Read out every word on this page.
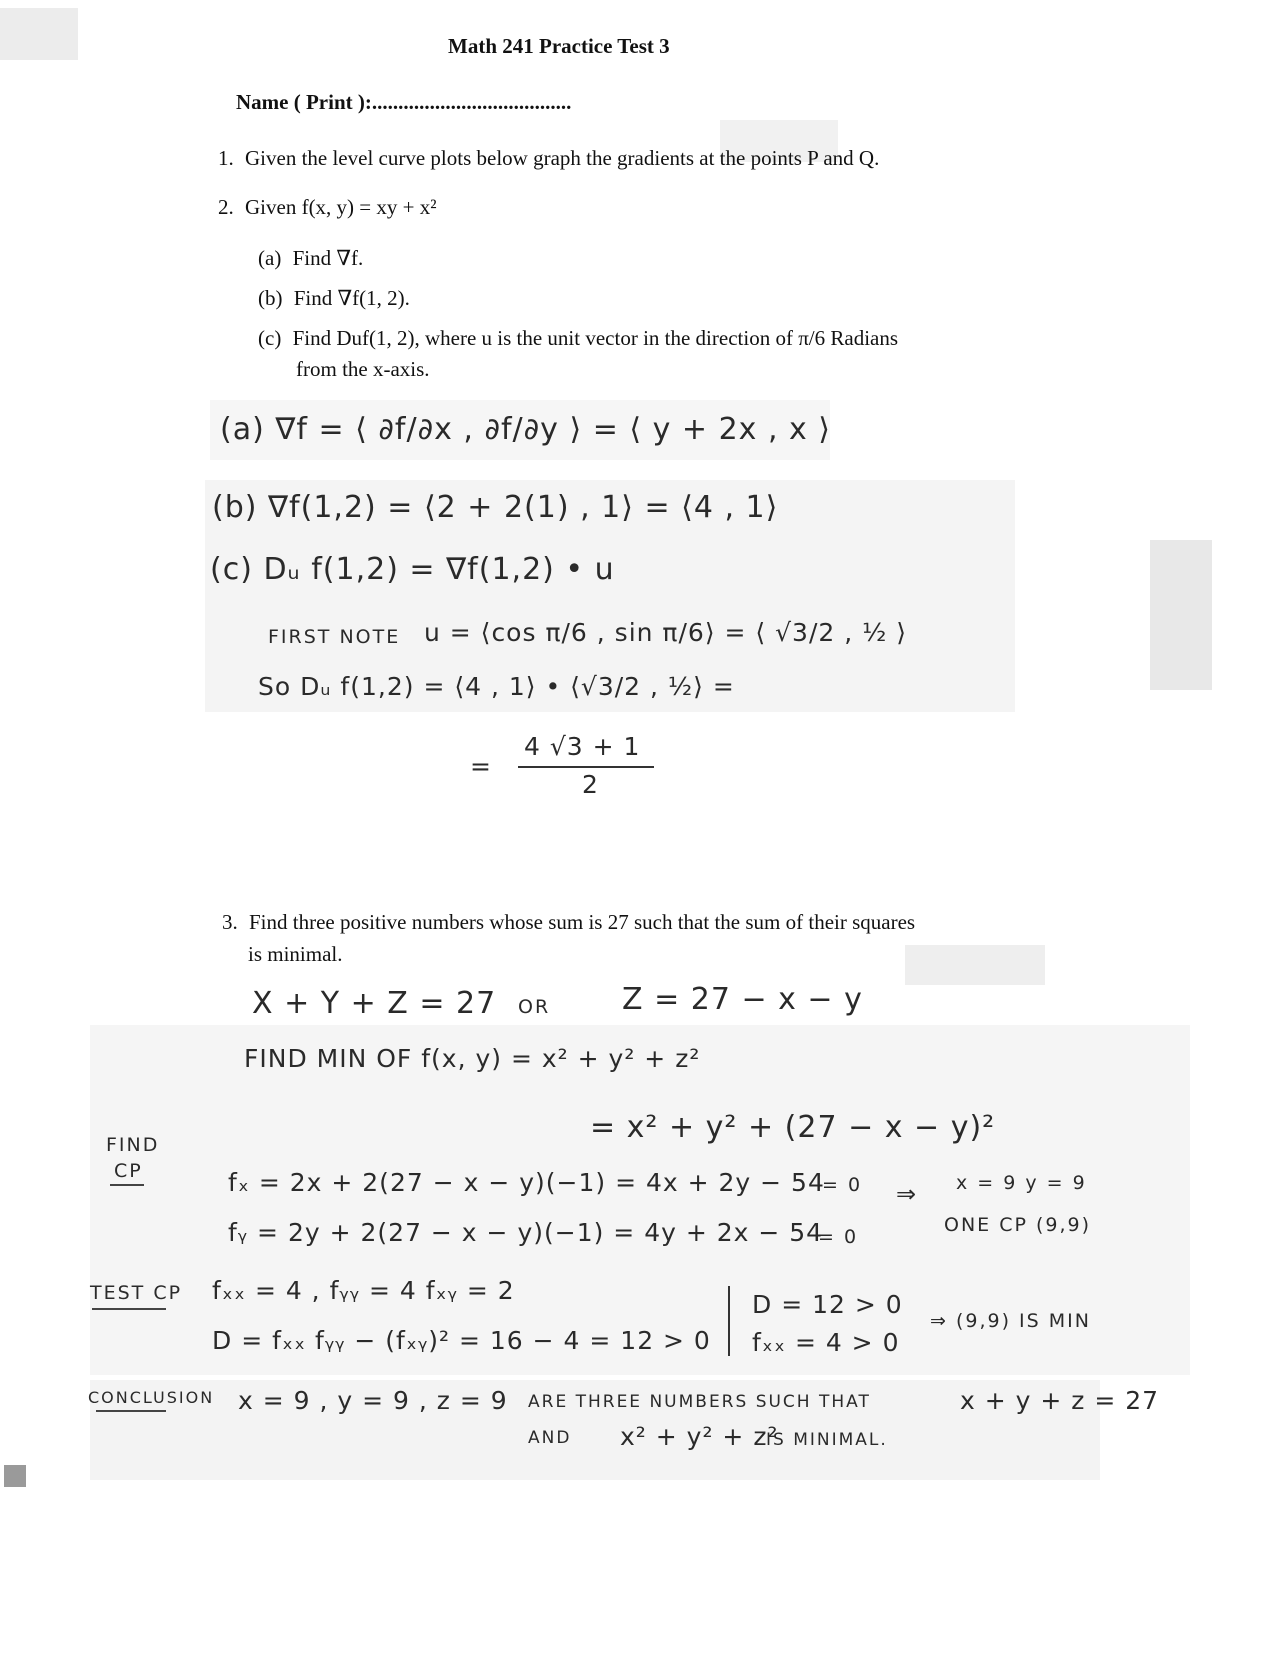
Math 241 Practice Test 3
Name ( Print ):......................................
1. Given the level curve plots below graph the gradients at the points P and Q.
2. Given f(x, y) = xy + x²
(a) Find ∇f.
(b) Find ∇f(1, 2).
(c) Find Duf(1, 2), where u is the unit vector in the direction of π/6 Radians
from the x-axis.
(a) ∇f = ⟨ ∂f/∂x , ∂f/∂y ⟩ = ⟨ y + 2x , x ⟩
(b) ∇f(1,2) = ⟨2 + 2(1) , 1⟩ = ⟨4 , 1⟩
(c) Dᵤ f(1,2) = ∇f(1,2) • u
FIRST NOTE u = ⟨cos π/6 , sin π/6⟩ = ⟨ √3/2 , ½ ⟩
So Dᵤ f(1,2) = ⟨4 , 1⟩ • ⟨√3/2 , ½⟩ =
=
4 √3 + 1
2
3. Find three positive numbers whose sum is 27 such that the sum of their squares
is minimal.
X + Y + Z = 27 OR Z = 27 − x − y
FIND MIN OF f(x, y) = x² + y² + z²
= x² + y² + (27 − x − y)²
FIND
CP	fₓ = 2x + 2(27 − x − y)(−1) = 4x + 2y − 54
= 0
fᵧ = 2y + 2(27 − x − y)(−1) = 4y + 2x − 54
= 0
⇒ x = 9 y = 9
ONE CP (9,9)
TEST CP fₓₓ = 4 , fᵧᵧ = 4 fₓᵧ = 2
D = fₓₓ fᵧᵧ − (fₓᵧ)² = 16 − 4 = 12 > 0
D = 12 > 0
fₓₓ = 4 > 0
⇒ (9,9) IS MIN
CONCLUSION x = 9 , y = 9 , z = 9 ARE THREE NUMBERS SUCH THAT	x + y + z = 27
AND x² + y² + z²
IS MINIMAL.
